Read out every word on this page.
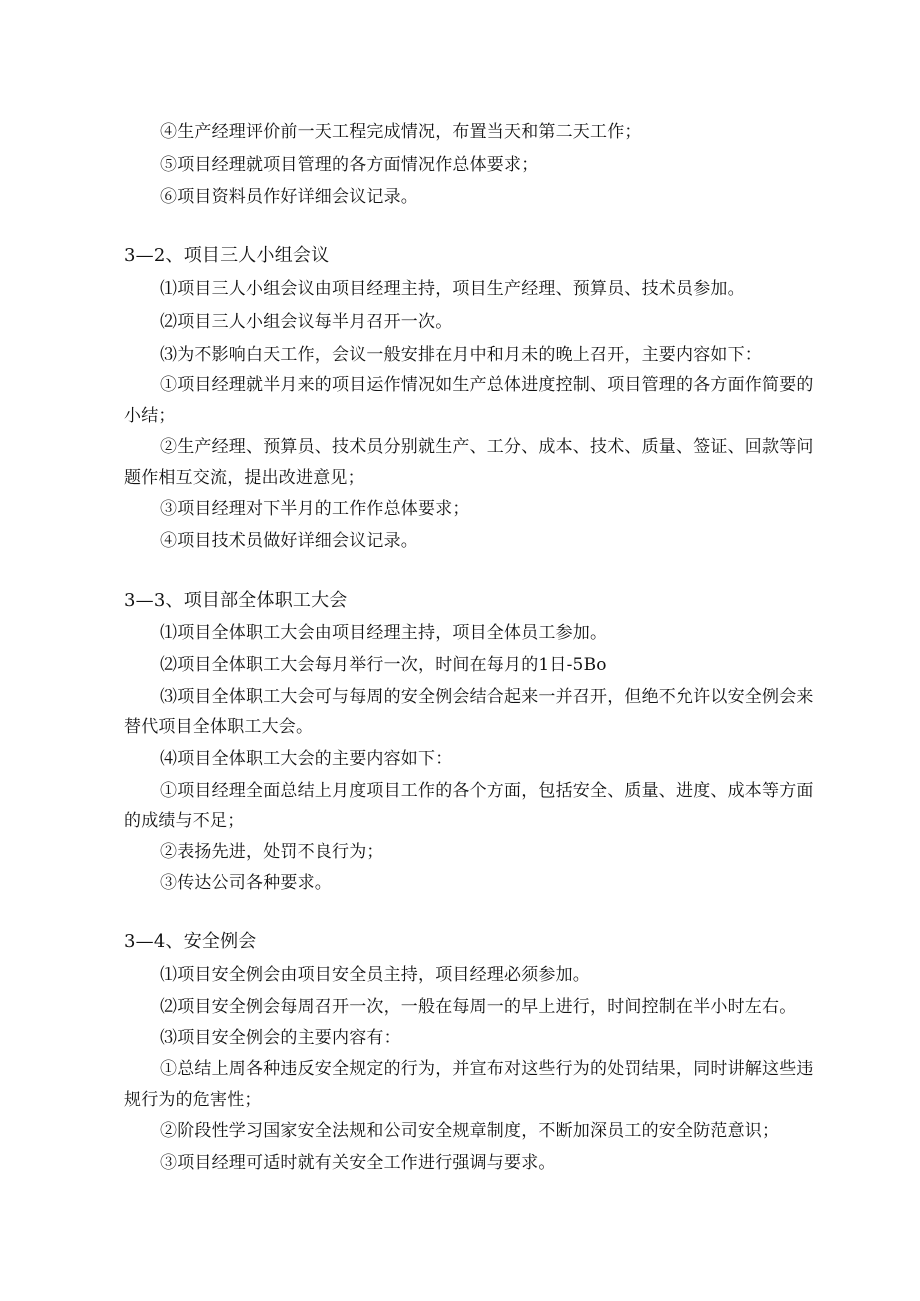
④生产经理评价前一天工程完成情况，布置当天和第二天工作；
⑤项目经理就项目管理的各方面情况作总体要求；
⑥项目资料员作好详细会议记录。
3—2、项目三人小组会议
⑴项目三人小组会议由项目经理主持，项目生产经理、预算员、技术员参加。
⑵项目三人小组会议每半月召开一次。
⑶为不影响白天工作，会议一般安排在月中和月未的晚上召开，主要内容如下：
①项目经理就半月来的项目运作情况如生产总体进度控制、项目管理的各方面作简要的
小结；
②生产经理、预算员、技术员分别就生产、工分、成本、技术、质量、签证、回款等问
题作相互交流，提出改进意见；
③项目经理对下半月的工作作总体要求；
④项目技术员做好详细会议记录。
3—3、项目部全体职工大会
⑴项目全体职工大会由项目经理主持，项目全体员工参加。
⑵项目全体职工大会每月举行一次，时间在每月的1日-5Bo
⑶项目全体职工大会可与每周的安全例会结合起来一并召开，但绝不允许以安全例会来
替代项目全体职工大会。
⑷项目全体职工大会的主要内容如下：
①项目经理全面总结上月度项目工作的各个方面，包括安全、质量、进度、成本等方面
的成绩与不足；
②表扬先进，处罚不良行为；
③传达公司各种要求。
3—4、安全例会
⑴项目安全例会由项目安全员主持，项目经理必须参加。
⑵项目安全例会每周召开一次，一般在每周一的早上进行，时间控制在半小时左右。
⑶项目安全例会的主要内容有：
①总结上周各种违反安全规定的行为，并宣布对这些行为的处罚结果，同时讲解这些违
规行为的危害性；
②阶段性学习国家安全法规和公司安全规章制度，不断加深员工的安全防范意识；
③项目经理可适时就有关安全工作进行强调与要求。
